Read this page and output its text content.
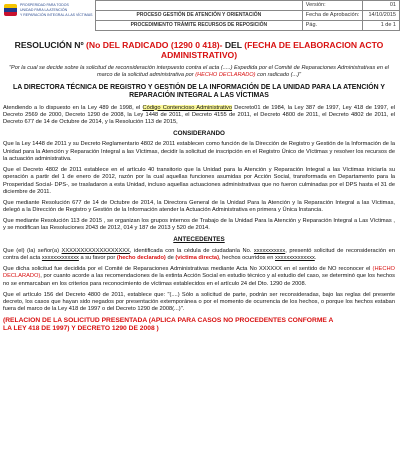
PROSPERIDAD PARA TODOS
UNIDAD PARA LA ATENCIÓN
Y REPARACIÓN INTEGRAL A LAS VÍCTIMAS
	Versión:	01
PROCESO GESTIÓN DE ATENCIÓN Y ORIENTACIÓN	Fecha de Aprobación:	14/10/2015
PROCEDIMIENTO TRÁMITE RECURSOS DE REPOSICIÓN	Pág.	1 de 1
RESOLUCIÓN Nº (No DEL RADICADO (1290 0 418)- DEL (FECHA DE ELABORACION ACTO ADMINISTRATIVO)
"Por la cual se decide sobre la solicitud de reconsideración interpuesto contra el acta (.....) Expedida por el Comité de Reparaciones Administrativas en el marco de la solicitud administrativa por (HECHO DECLARADO) con radicado (...)"
LA DIRECTORA TÉCNICA DE REGISTRO Y GESTIÓN DE LA INFORMACIÓN DE LA UNIDAD PARA LA ATENCIÓN Y REPARACIÓN INTEGRAL A LAS VÍCTIMAS
Atendiendo a lo dispuesto en la Ley 489 de 1998, el Código Contencioso Administrativo Decreto01 de 1984, la Ley 387 de 1997, Ley 418 de 1997, el Decreto 2569 de 2000, Decreto 1290 de 2008, la Ley 1448 de 2011, el Decreto 4155 de 2011, el Decreto 4800 de 2011, el Decreto 4802 de 2011, el Decreto 677 de 14 de Octubre de 2014, y la Resolución 113 de 2015,
CONSIDERANDO
Que la Ley 1448 de 2011 y su Decreto Reglamentario 4802 de 2011 establecen como función de la Dirección de Registro y Gestión de la Información de la Unidad para la Atención y Reparación Integral a las Víctimas, decidir la solicitud de inscripción en el Registro Único de Víctimas y resolver los recursos de la actuación administrativa.
Que el Decreto 4802 de 2011 establece en el artículo 40 transitorio que la Unidad para la Atención y Reparación Integral a las Víctimas iniciaría su operación a partir del 1 de enero de 2012, razón por la cual aquellas funciones asumidas por Acción Social, transformada en Departamento para la Prosperidad Social- DPS-, se trasladaron a esta Unidad, incluso aquellas actuaciones administrativas que no fueron culminadas por el DPS hasta el 31 de diciembre de 2011.
Que mediante Resolución 677 de 14 de Octubre de 2014, la Directora General de la Unidad Para la Atención y la Reparación Integral a las Víctimas, delegó a la Dirección de Registro y Gestión de la Información atender la Actuación Administrativa en primera y Única Instancia.
Que mediante Resolución 113 de 2015 , se organizan los grupos internos de Trabajo de la Unidad Para la Atención y Reparación Integral a Las Víctimas , y se modifican las Resoluciones 2043 de 2012, 014 y 187 de 2013 y 520 de 2014.
ANTECEDENTES
Que (el) (la) señor(a) XXXXXXXXXXXXXXXXXX, identificada con la cédula de ciudadanía No. xxxxxxxxxxx, presentó solicitud de reconsideración en contra del acta xxxxxxxxxxxxx a su favor por (hecho declarado) de (victima directa), hechos ocurridos en xxxxxxxxxxxxxx.
Que dicha solicitud fue decidida por el Comité de Reparaciones Administrativas mediante Acta No XXXXXX en el sentido de NO reconocer el (HECHO DECLARADO), por cuanto acorde a las recomendaciones de la extinta Acción Social en estudio técnico y al estudio del caso, se determinó que los hechos no se enmarcaban en los criterios para reconocimiento de víctimas establecidos en el artículo 24 del Dto. 1290 de 2008.
Que el artículo 156 del Decreto 4800 de 2011, establece que: "(....) Sólo a solicitud de parte, podrán ser reconsideradas, bajo las reglas del presente decreto, los casos que hayan sido negados por presentación extemporánea o por el momento de ocurrencia de los hechos, o porque los hechos estaban fuera del marco de la Ley 418 de 1997 o del Decreto 1290 de 2008(...)".
(RELACION DE LA SOLICITUD PRESENTADA (APLICA PARA CASOS NO PROCEDENTES CONFORME A
LA LEY 418 DE 1997) Y DECRETO 1290 DE 2008 )
